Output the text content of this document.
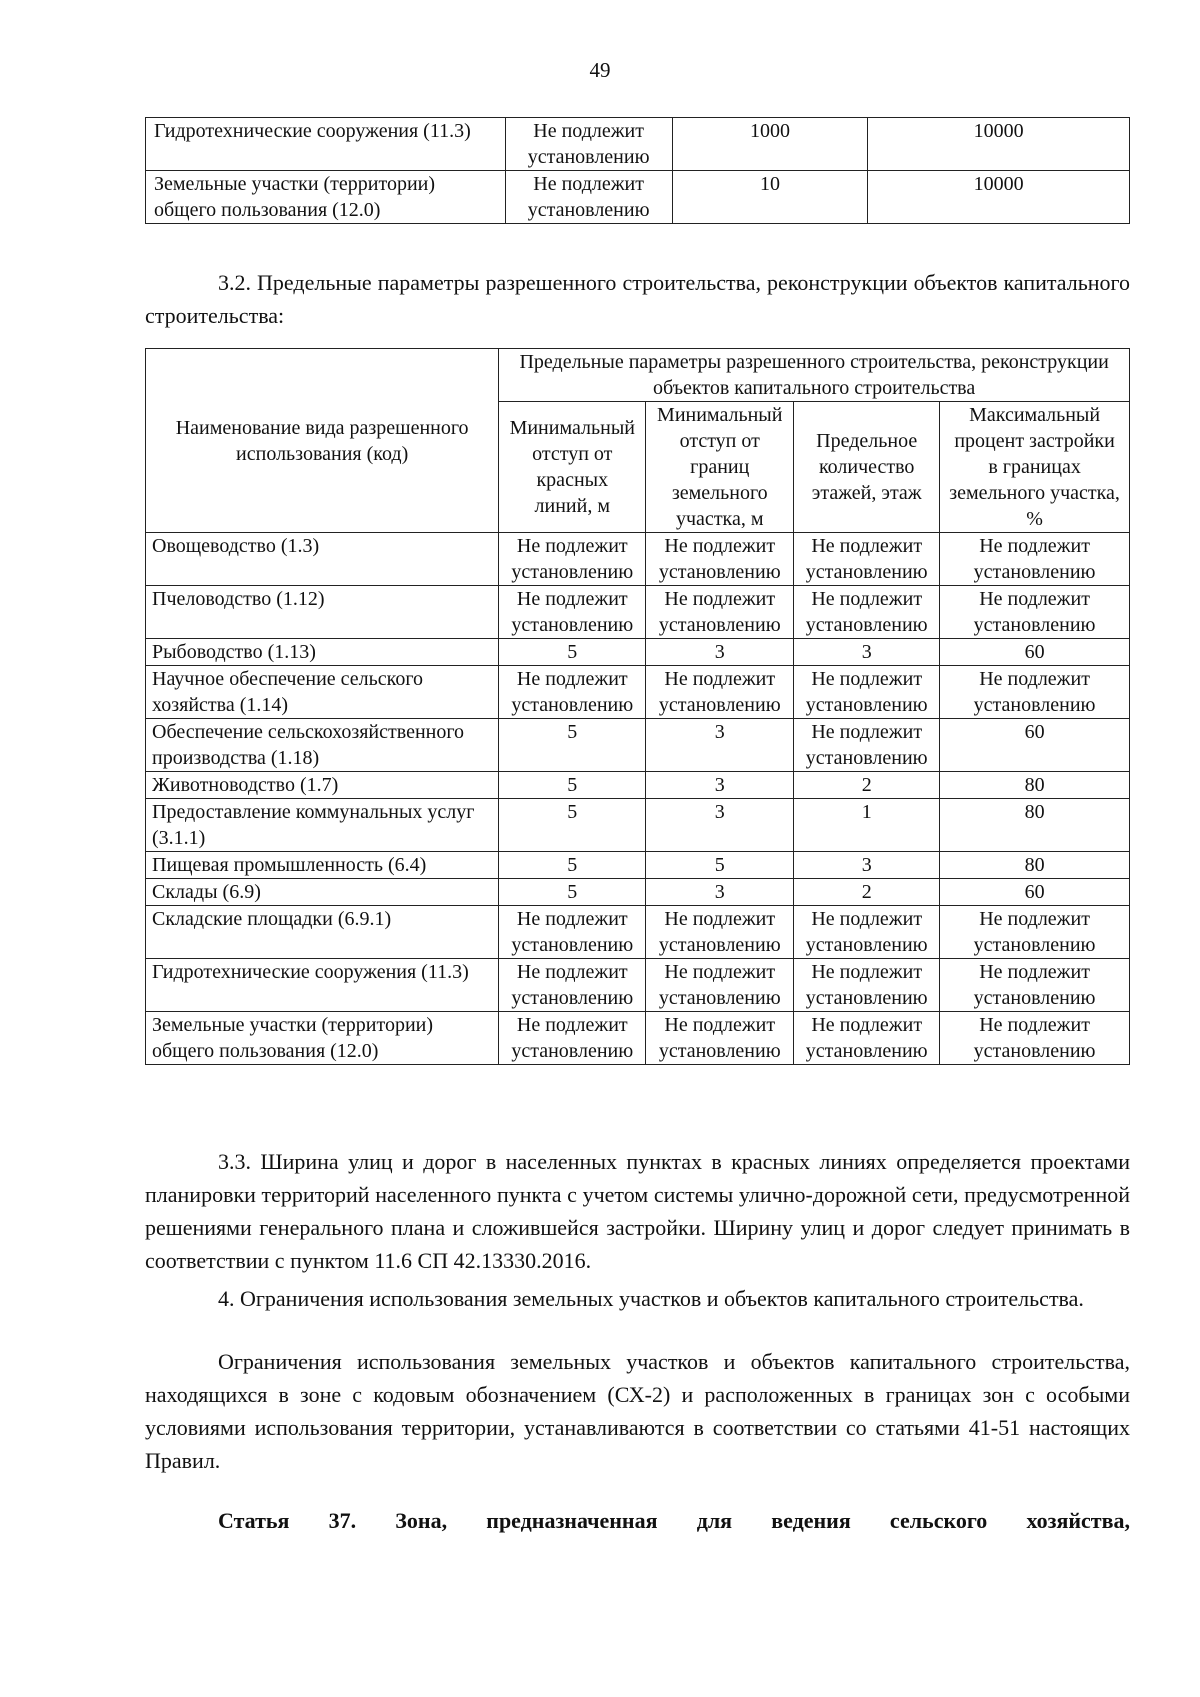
49
Гидротехнические сооружения (11.3)	Не подлежит установлению	1000	10000
Земельные участки (территории) общего пользования (12.0)	Не подлежит установлению	10	10000
3.2. Предельные параметры разрешенного строительства, реконструкции объектов капитального строительства:
Наименование вида разрешенного использования (код)	Предельные параметры разрешенного строительства, реконструкции объектов капитального строительства			
	Минимальный отступ от красных линий, м	Минимальный отступ от границ земельного участка, м	Предельное количество этажей, этаж	Максимальный процент застройки в границах земельного участка, %
Овощеводство (1.3)	Не подлежит установлению	Не подлежит установлению	Не подлежит установлению	Не подлежит установлению
Пчеловодство (1.12)	Не подлежит установлению	Не подлежит установлению	Не подлежит установлению	Не подлежит установлению
Рыбоводство (1.13)	5	3	3	60
Научное обеспечение сельского хозяйства (1.14)	Не подлежит установлению	Не подлежит установлению	Не подлежит установлению	Не подлежит установлению
Обеспечение сельскохозяйственного производства (1.18)	5	3	Не подлежит установлению	60
Животноводство (1.7)	5	3	2	80
Предоставление коммунальных услуг (3.1.1)	5	3	1	80
Пищевая промышленность (6.4)	5	5	3	80
Склады (6.9)	5	3	2	60
Складские площадки (6.9.1)	Не подлежит установлению	Не подлежит установлению	Не подлежит установлению	Не подлежит установлению
Гидротехнические сооружения (11.3)	Не подлежит установлению	Не подлежит установлению	Не подлежит установлению	Не подлежит установлению
Земельные участки (территории) общего пользования (12.0)	Не подлежит установлению	Не подлежит установлению	Не подлежит установлению	Не подлежит установлению
3.3. Ширина улиц и дорог в населенных пунктах в красных линиях определяется проектами планировки территорий населенного пункта с учетом системы улично-дорожной сети, предусмотренной решениями генерального плана и сложившейся застройки. Ширину улиц и дорог следует принимать в соответствии с пунктом 11.6 СП 42.13330.2016.
4. Ограничения использования земельных участков и объектов капитального строительства.
Ограничения использования земельных участков и объектов капитального строительства, находящихся в зоне с кодовым обозначением (СХ-2) и расположенных в границах зон с особыми условиями использования территории, устанавливаются в соответствии со статьями 41-51 настоящих Правил.
Статья 37. Зона, предназначенная для ведения сельского хозяйства,
